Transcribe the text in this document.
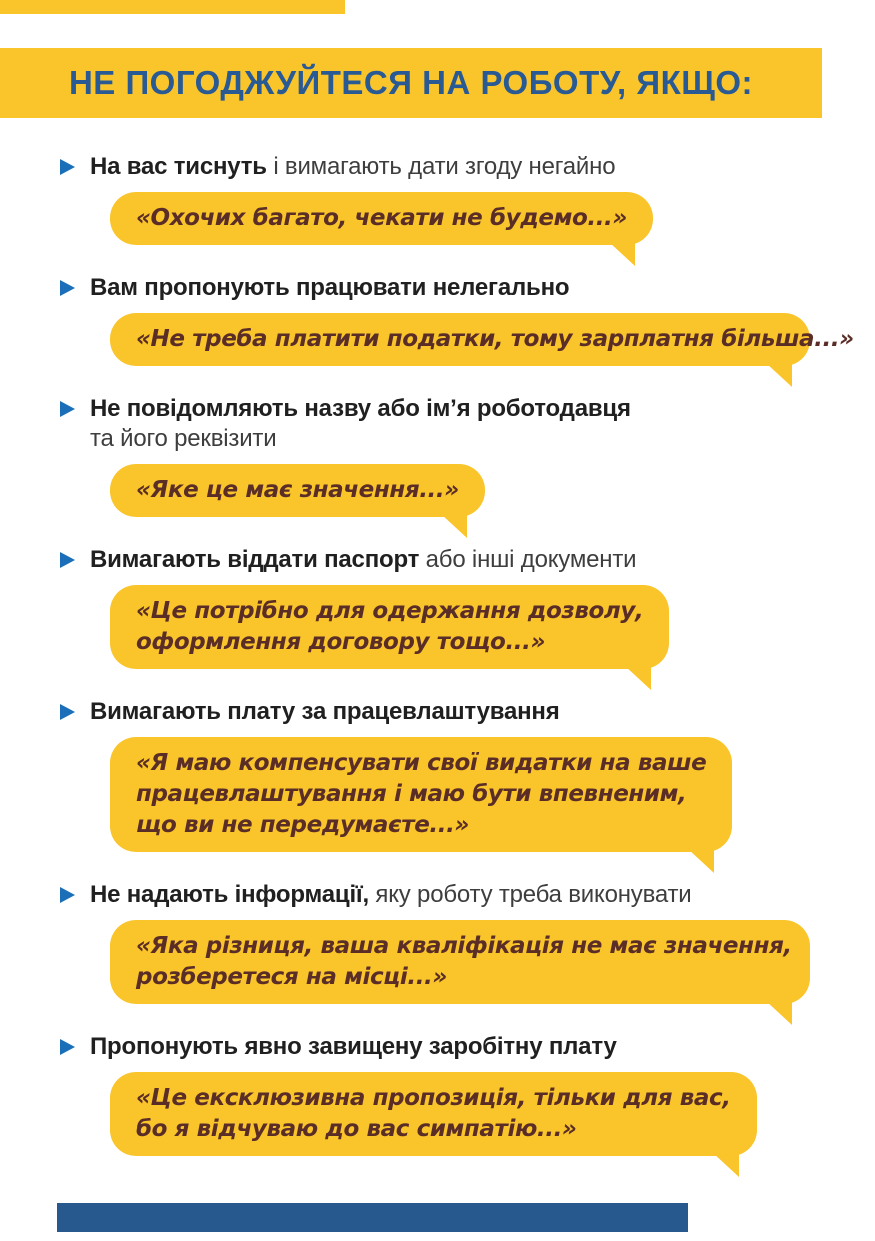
НЕ ПОГОДЖУЙТЕСЯ НА РОБОТУ, ЯКЩО:
На вас тиснуть і вимагають дати згоду негайно
«Охочих багато, чекати не будемо...»
Вам пропонують працювати нелегально
«Не треба платити податки, тому зарплатня більша...»
Не повідомляють назву або ім’я роботодавця
та його реквізити
«Яке це має значення...»
Вимагають віддати паспорт або інші документи
«Це потрібно для одержання дозволу,
оформлення договору тощо...»
Вимагають плату за працевлаштування
«Я маю компенсувати свої видатки на ваше
працевлаштування і маю бути впевненим,
що ви не передумаєте...»
Не надають інформації, яку роботу треба виконувати
«Яка різниця, ваша кваліфікація не має значення,
розберетеся на місці...»
Пропонують явно завищену заробітну плату
«Це ексклюзивна пропозиція, тільки для вас,
бо я відчуваю до вас симпатію...»
